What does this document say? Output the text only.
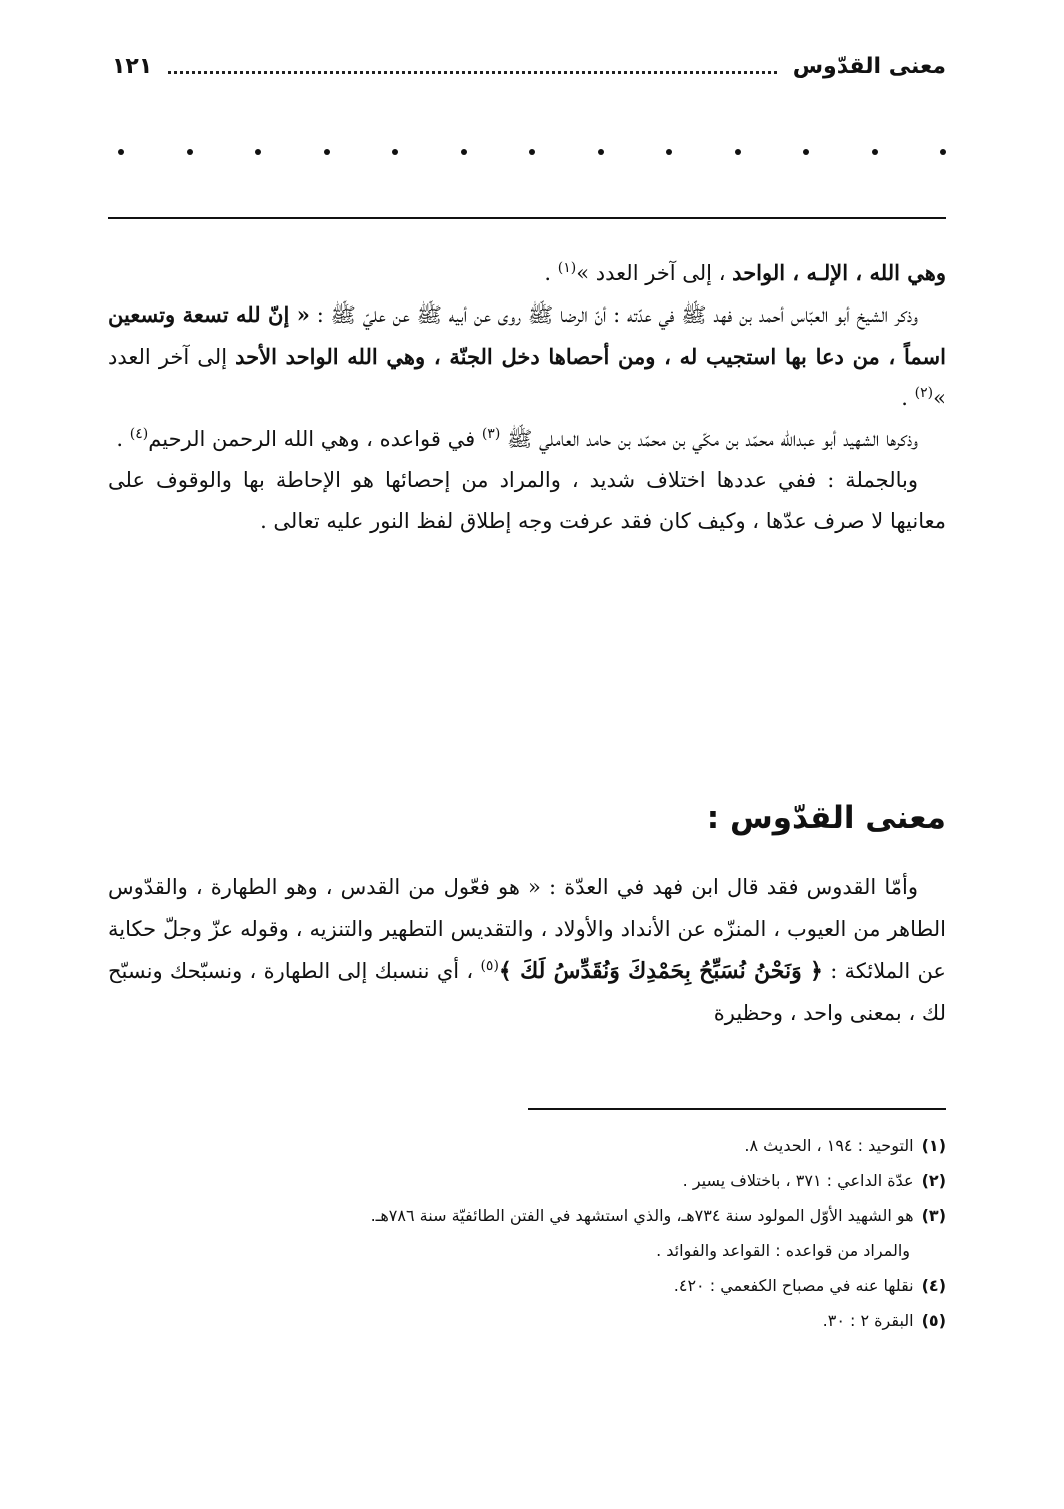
معنى القدّوس
١٢١

وهي الله ، الإلـه ، الواحد ، إلى آخر العدد »$^{(١)}$ .

وذكر الشيخ أبو العبّاس أحمد بن فهد ﷺ في عدّته : أنّ الرضا ﷺ روى عن أبيه ﷺ عن عليّ ﷺ : « إنّ لله تسعة وتسعين اسماً ، من دعا بها استجيب له ، ومن أحصاها دخل الجنّة ، وهي الله الواحد الأحد إلى آخر العدد »$^{(٢)}$ .

وذكرها الشهيد أبو عبدالله محمّد بن مكّي بن محمّد بن حامد العاملي ﷺ $^{(٣)}$ في قواعده ، وهي الله الرحمن الرحيم$^{(٤)}$ .

وبالجملة : ففي عددها اختلاف شديد ، والمراد من إحصائها هو الإحاطة بها والوقوف على معانيها لا صرف عدّها ، وكيف كان فقد عرفت وجه إطلاق لفظ النور عليه تعالى .

معنى القدّوس :

وأمّا القدوس فقد قال ابن فهد في العدّة : « هو فعّول من القدس ، وهو الطهارة ، والقدّوس الطاهر من العيوب ، المنزّه عن الأنداد والأولاد ، والتقديس التطهير والتنزيه ، وقوله عزّ وجلّ حكاية عن الملائكة : ﴿ وَنَحْنُ نُسَبِّحُ بِحَمْدِكَ وَنُقَدِّسُ لَكَ ﴾$^{(٥)}$ ، أي ننسبك إلى الطهارة ، ونسبّحك ونسبّح لك ، بمعنى واحد ، وحظيرة

(١)التوحيد : ١٩٤ ، الحديث ٨.

(٢)عدّة الداعي : ٣٧١ ، باختلاف يسير .

(٣)هو الشهيد الأوّل المولود سنة ٧٣٤هـ، والذي استشهد في الفتن الطائفيّة سنة ٧٨٦هـ.

والمراد من قواعده : القواعد والفوائد .

(٤)نقلها عنه في مصباح الكفعمي : ٤٢٠.

(٥)البقرة ٢ : ٣٠.
